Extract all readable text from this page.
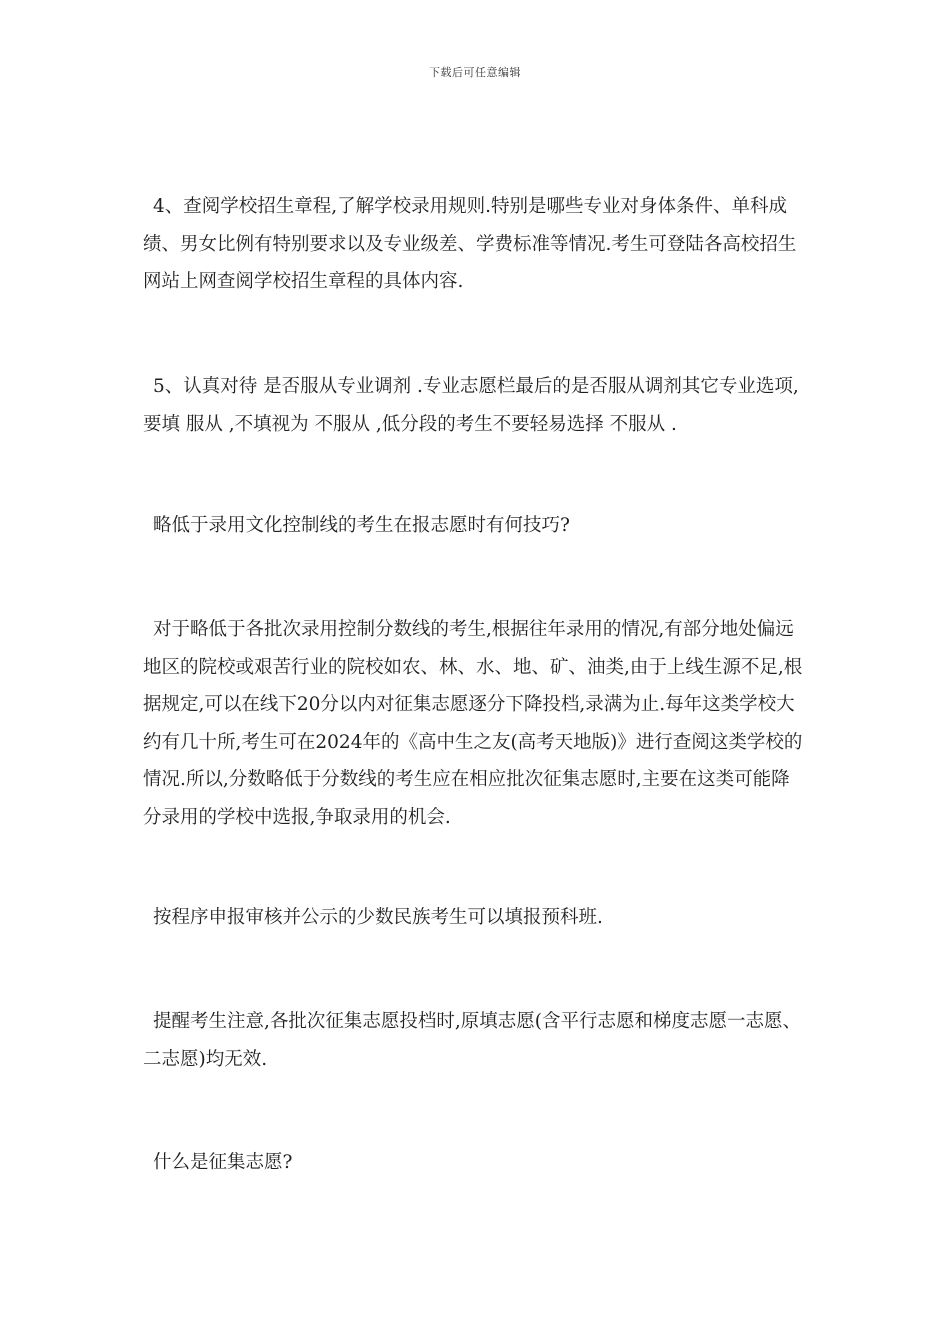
下载后可任意编辑

4、查阅学校招生章程,了解学校录用规则.特别是哪些专业对身体条件、单科成绩、男女比例有特别要求以及专业级差、学费标准等情况.考生可登陆各高校招生网站上网查阅学校招生章程的具体内容.

5、认真对待 是否服从专业调剂 .专业志愿栏最后的是否服从调剂其它专业选项,要填 服从 ,不填视为 不服从 ,低分段的考生不要轻易选择 不服从 .

略低于录用文化控制线的考生在报志愿时有何技巧?

对于略低于各批次录用控制分数线的考生,根据往年录用的情况,有部分地处偏远地区的院校或艰苦行业的院校如农、林、水、地、矿、油类,由于上线生源不足,根据规定,可以在线下20分以内对征集志愿逐分下降投档,录满为止.每年这类学校大约有几十所,考生可在2024年的《高中生之友(高考天地版)》进行查阅这类学校的情况.所以,分数略低于分数线的考生应在相应批次征集志愿时,主要在这类可能降分录用的学校中选报,争取录用的机会.

按程序申报审核并公示的少数民族考生可以填报预科班.

提醒考生注意,各批次征集志愿投档时,原填志愿(含平行志愿和梯度志愿一志愿、二志愿)均无效.

什么是征集志愿?
